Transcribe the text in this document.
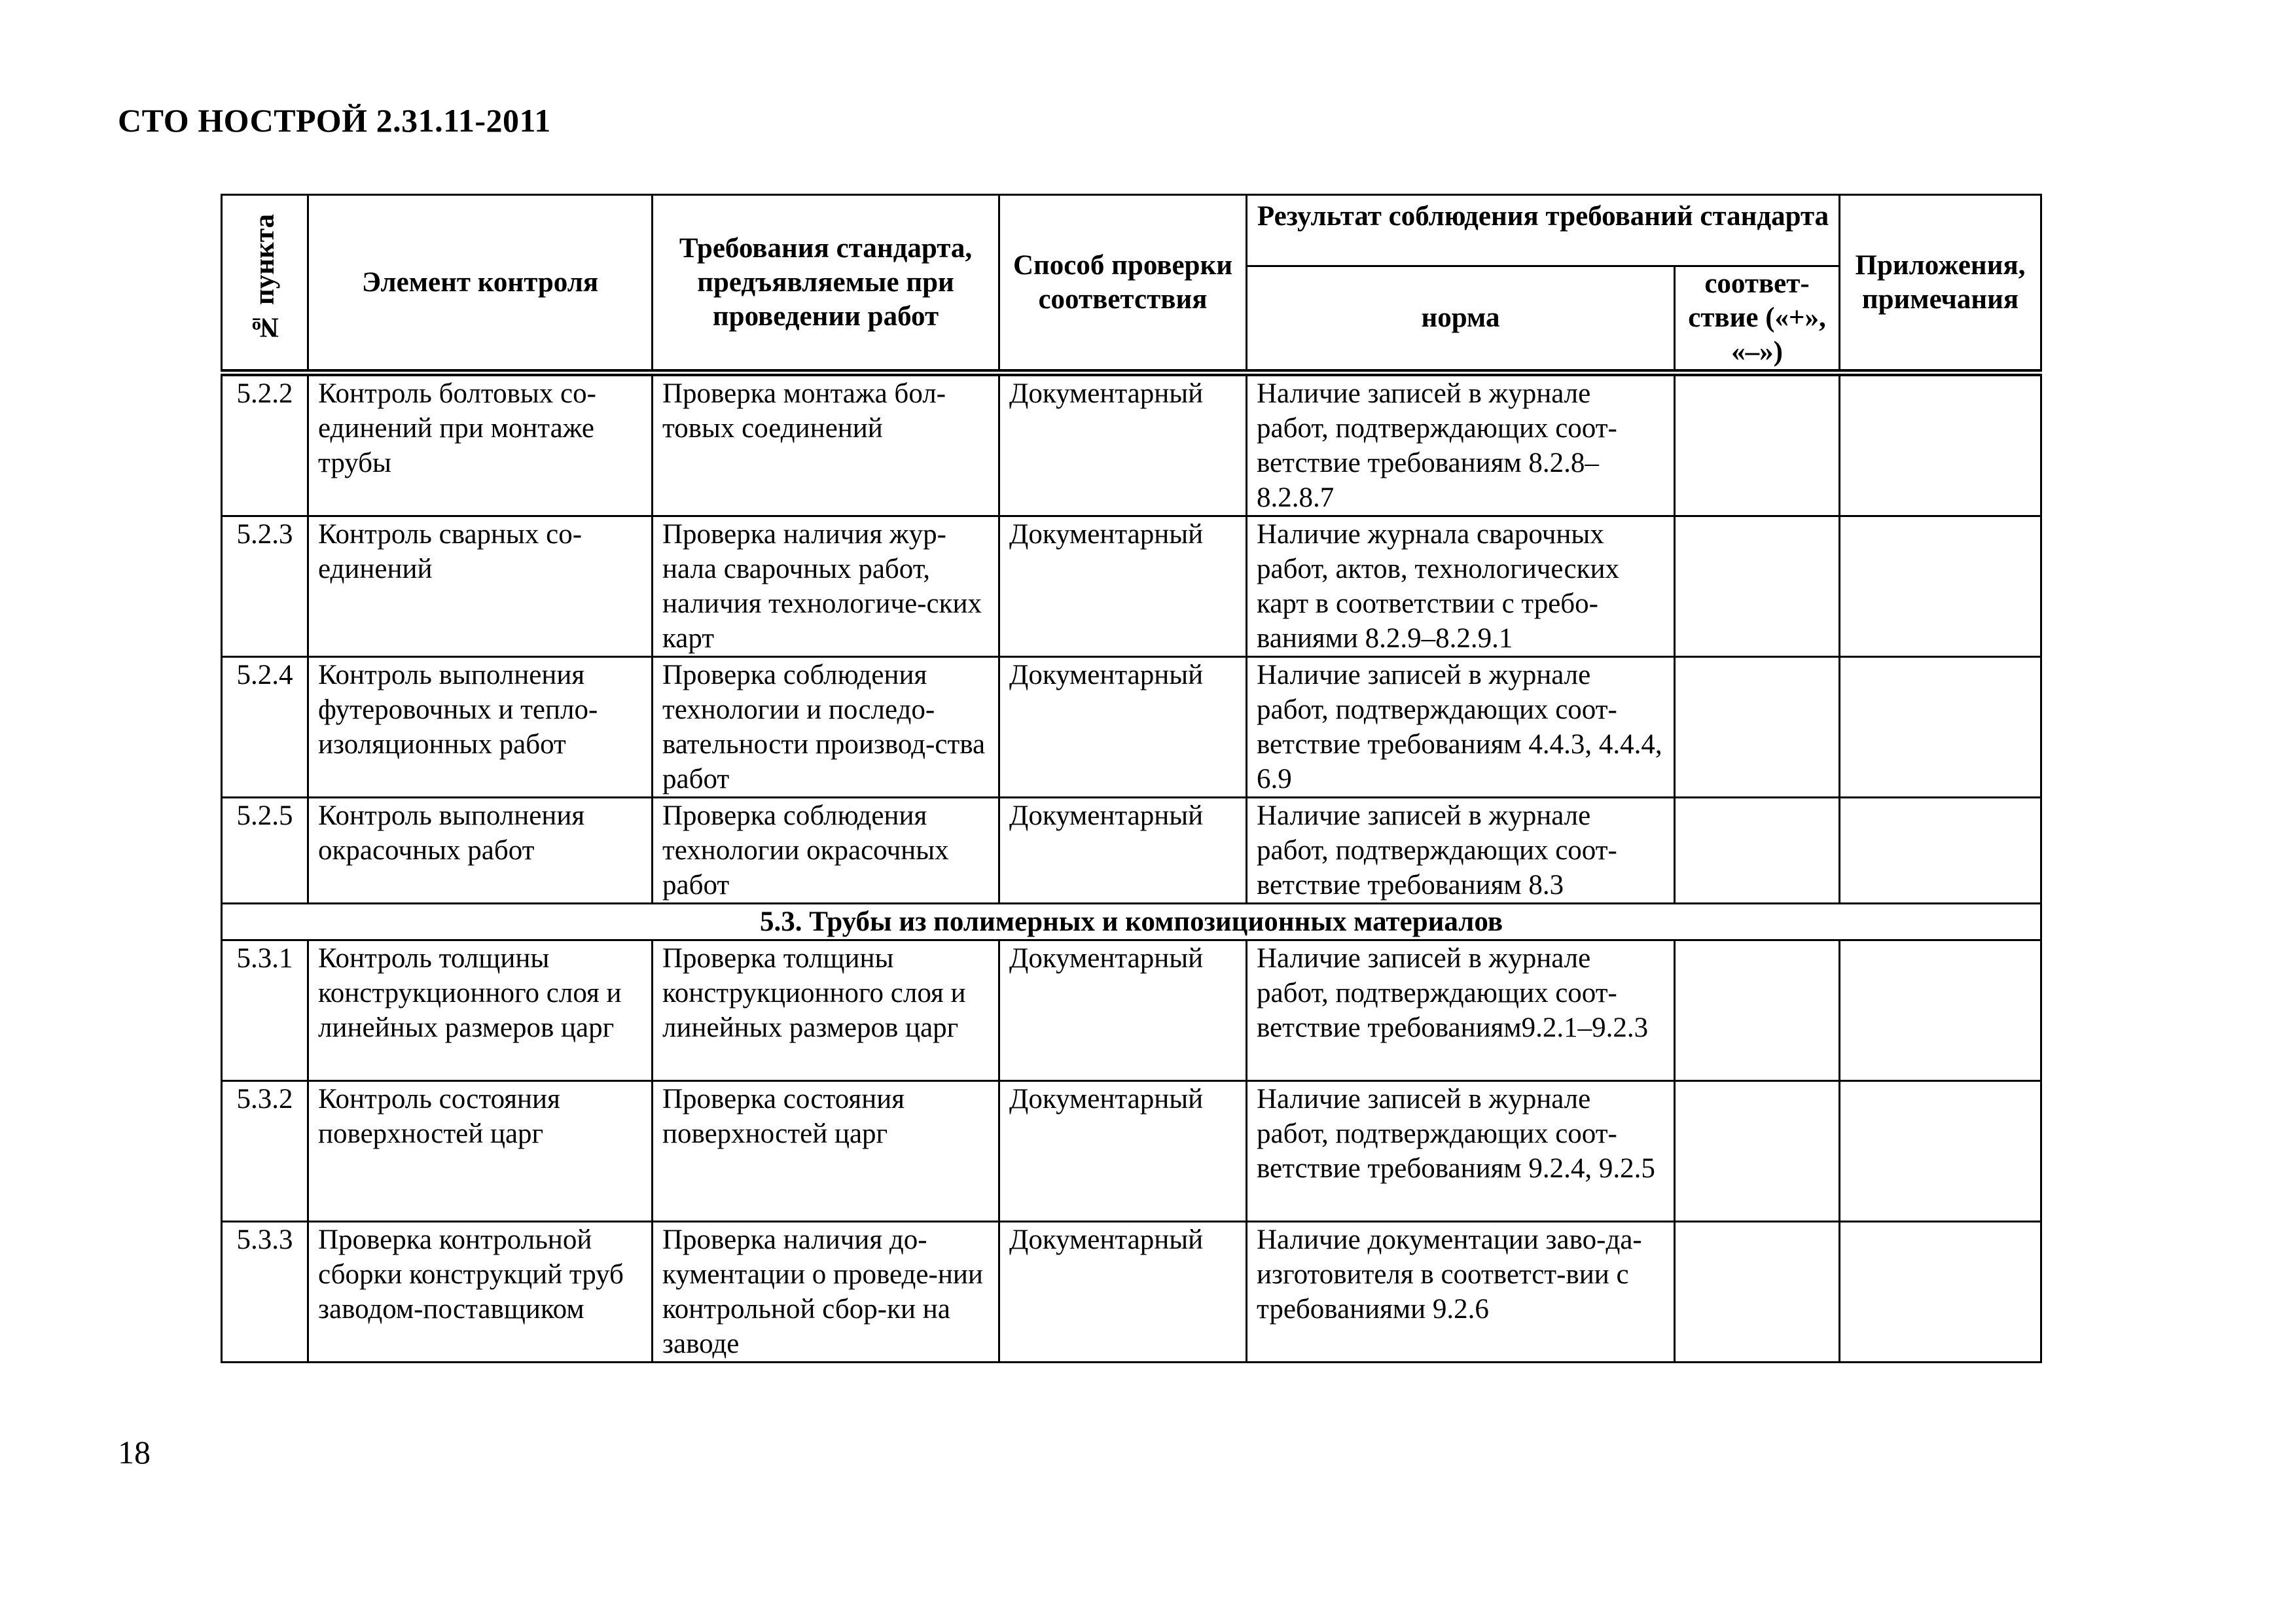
СТО НОСТРОЙ 2.31.11-2011
№ пункта	Элемент контроля	Требования стандарта, предъявляемые при проведении работ	Способ проверки соответствия	Результат соблюдения требований стандарта		Приложения, примечания
				норма	соответ-ствие («+», «–»)	
5.2.2	Контроль болтовых со-единений при монтаже трубы	Проверка монтажа бол-товых соединений	Документарный	Наличие записей в журнале работ, подтверждающих соот-ветствие требованиям 8.2.8–8.2.8.7		
5.2.3	Контроль сварных со-единений	Проверка наличия жур-нала сварочных работ, наличия технологиче-ских карт	Документарный	Наличие журнала сварочных работ, актов, технологических карт в соответствии с требо-ваниями 8.2.9–8.2.9.1		
5.2.4	Контроль выполнения футеровочных и тепло-изоляционных работ	Проверка соблюдения технологии и последо-вательности производ-ства работ	Документарный	Наличие записей в журнале работ, подтверждающих соот-ветствие требованиям 4.4.3, 4.4.4, 6.9		
5.2.5	Контроль выполнения окрасочных работ	Проверка соблюдения технологии окрасочных работ	Документарный	Наличие записей в журнале работ, подтверждающих соот-ветствие требованиям 8.3		
5.3. Трубы из полимерных и композиционных материалов						
5.3.1	Контроль толщины конструкционного слоя и линейных размеров царг	Проверка толщины конструкционного слоя и линейных размеров царг	Документарный	Наличие записей в журнале работ, подтверждающих соот-ветствие требованиям9.2.1–9.2.3		
5.3.2	Контроль состояния поверхностей царг	Проверка состояния поверхностей царг	Документарный	Наличие записей в журнале работ, подтверждающих соот-ветствие требованиям 9.2.4, 9.2.5		
5.3.3	Проверка контрольной сборки конструкций труб заводом-поставщиком	Проверка наличия до-кументации о проведе-нии контрольной сбор-ки на заводе	Документарный	Наличие документации заво-да-изготовителя в соответст-вии с требованиями 9.2.6		
18
